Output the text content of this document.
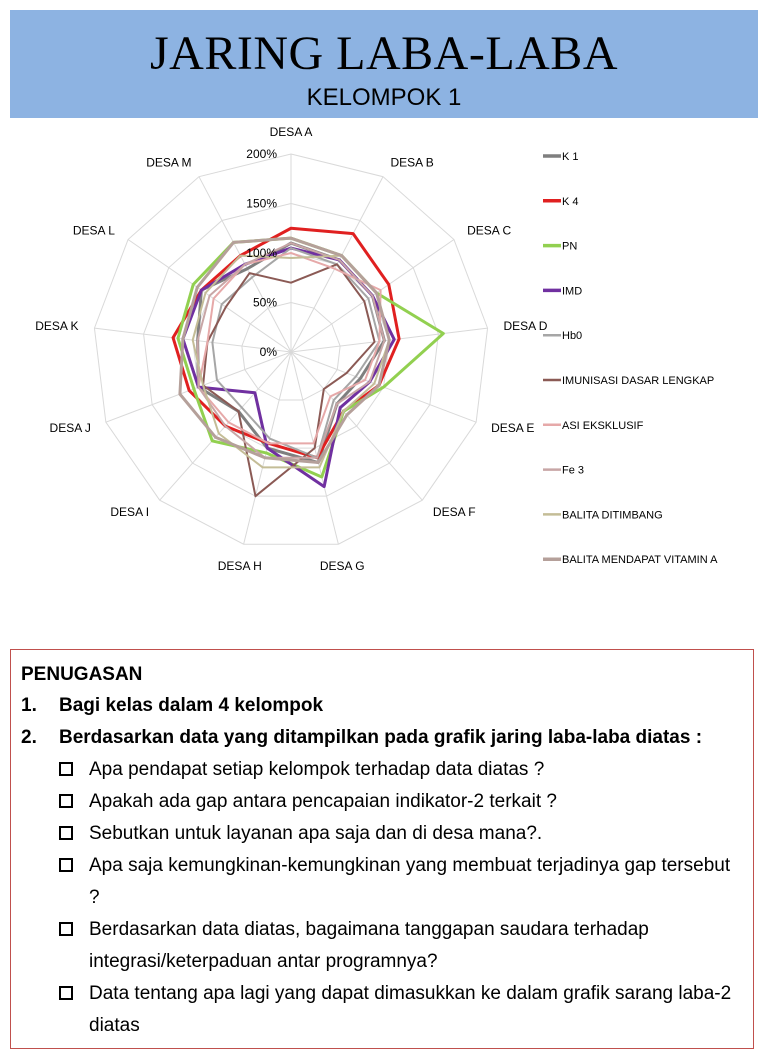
JARING LABA-LABA
KELOMPOK 1
0%
50%
100%
150%
200%
DESA A
DESA B
DESA C
DESA D
DESA E
DESA F
DESA G
DESA H
DESA I
DESA J
DESA K
DESA L
DESA M	K 1
K 4
PN
IMD
Hb0
IMUNISASI DASAR LENGKAP
ASI EKSKLUSIF
Fe 3
BALITA DITIMBANG
BALITA MENDAPAT VITAMIN A
PENUGASAN
1.	Bagi kelas dalam 4 kelompok
2.	Berdasarkan data yang ditampilkan pada grafik jaring laba-laba diatas :
Apa pendapat setiap kelompok terhadap data diatas ?
Apakah ada gap antara pencapaian indikator-2 terkait ?
Sebutkan untuk layanan apa saja dan di desa mana?.
Apa saja kemungkinan-kemungkinan yang membuat terjadinya gap tersebut ?
Berdasarkan data diatas, bagaimana tanggapan saudara terhadap integrasi/keterpaduan antar programnya?
Data tentang apa lagi yang dapat dimasukkan ke dalam grafik sarang laba-2 diatas
